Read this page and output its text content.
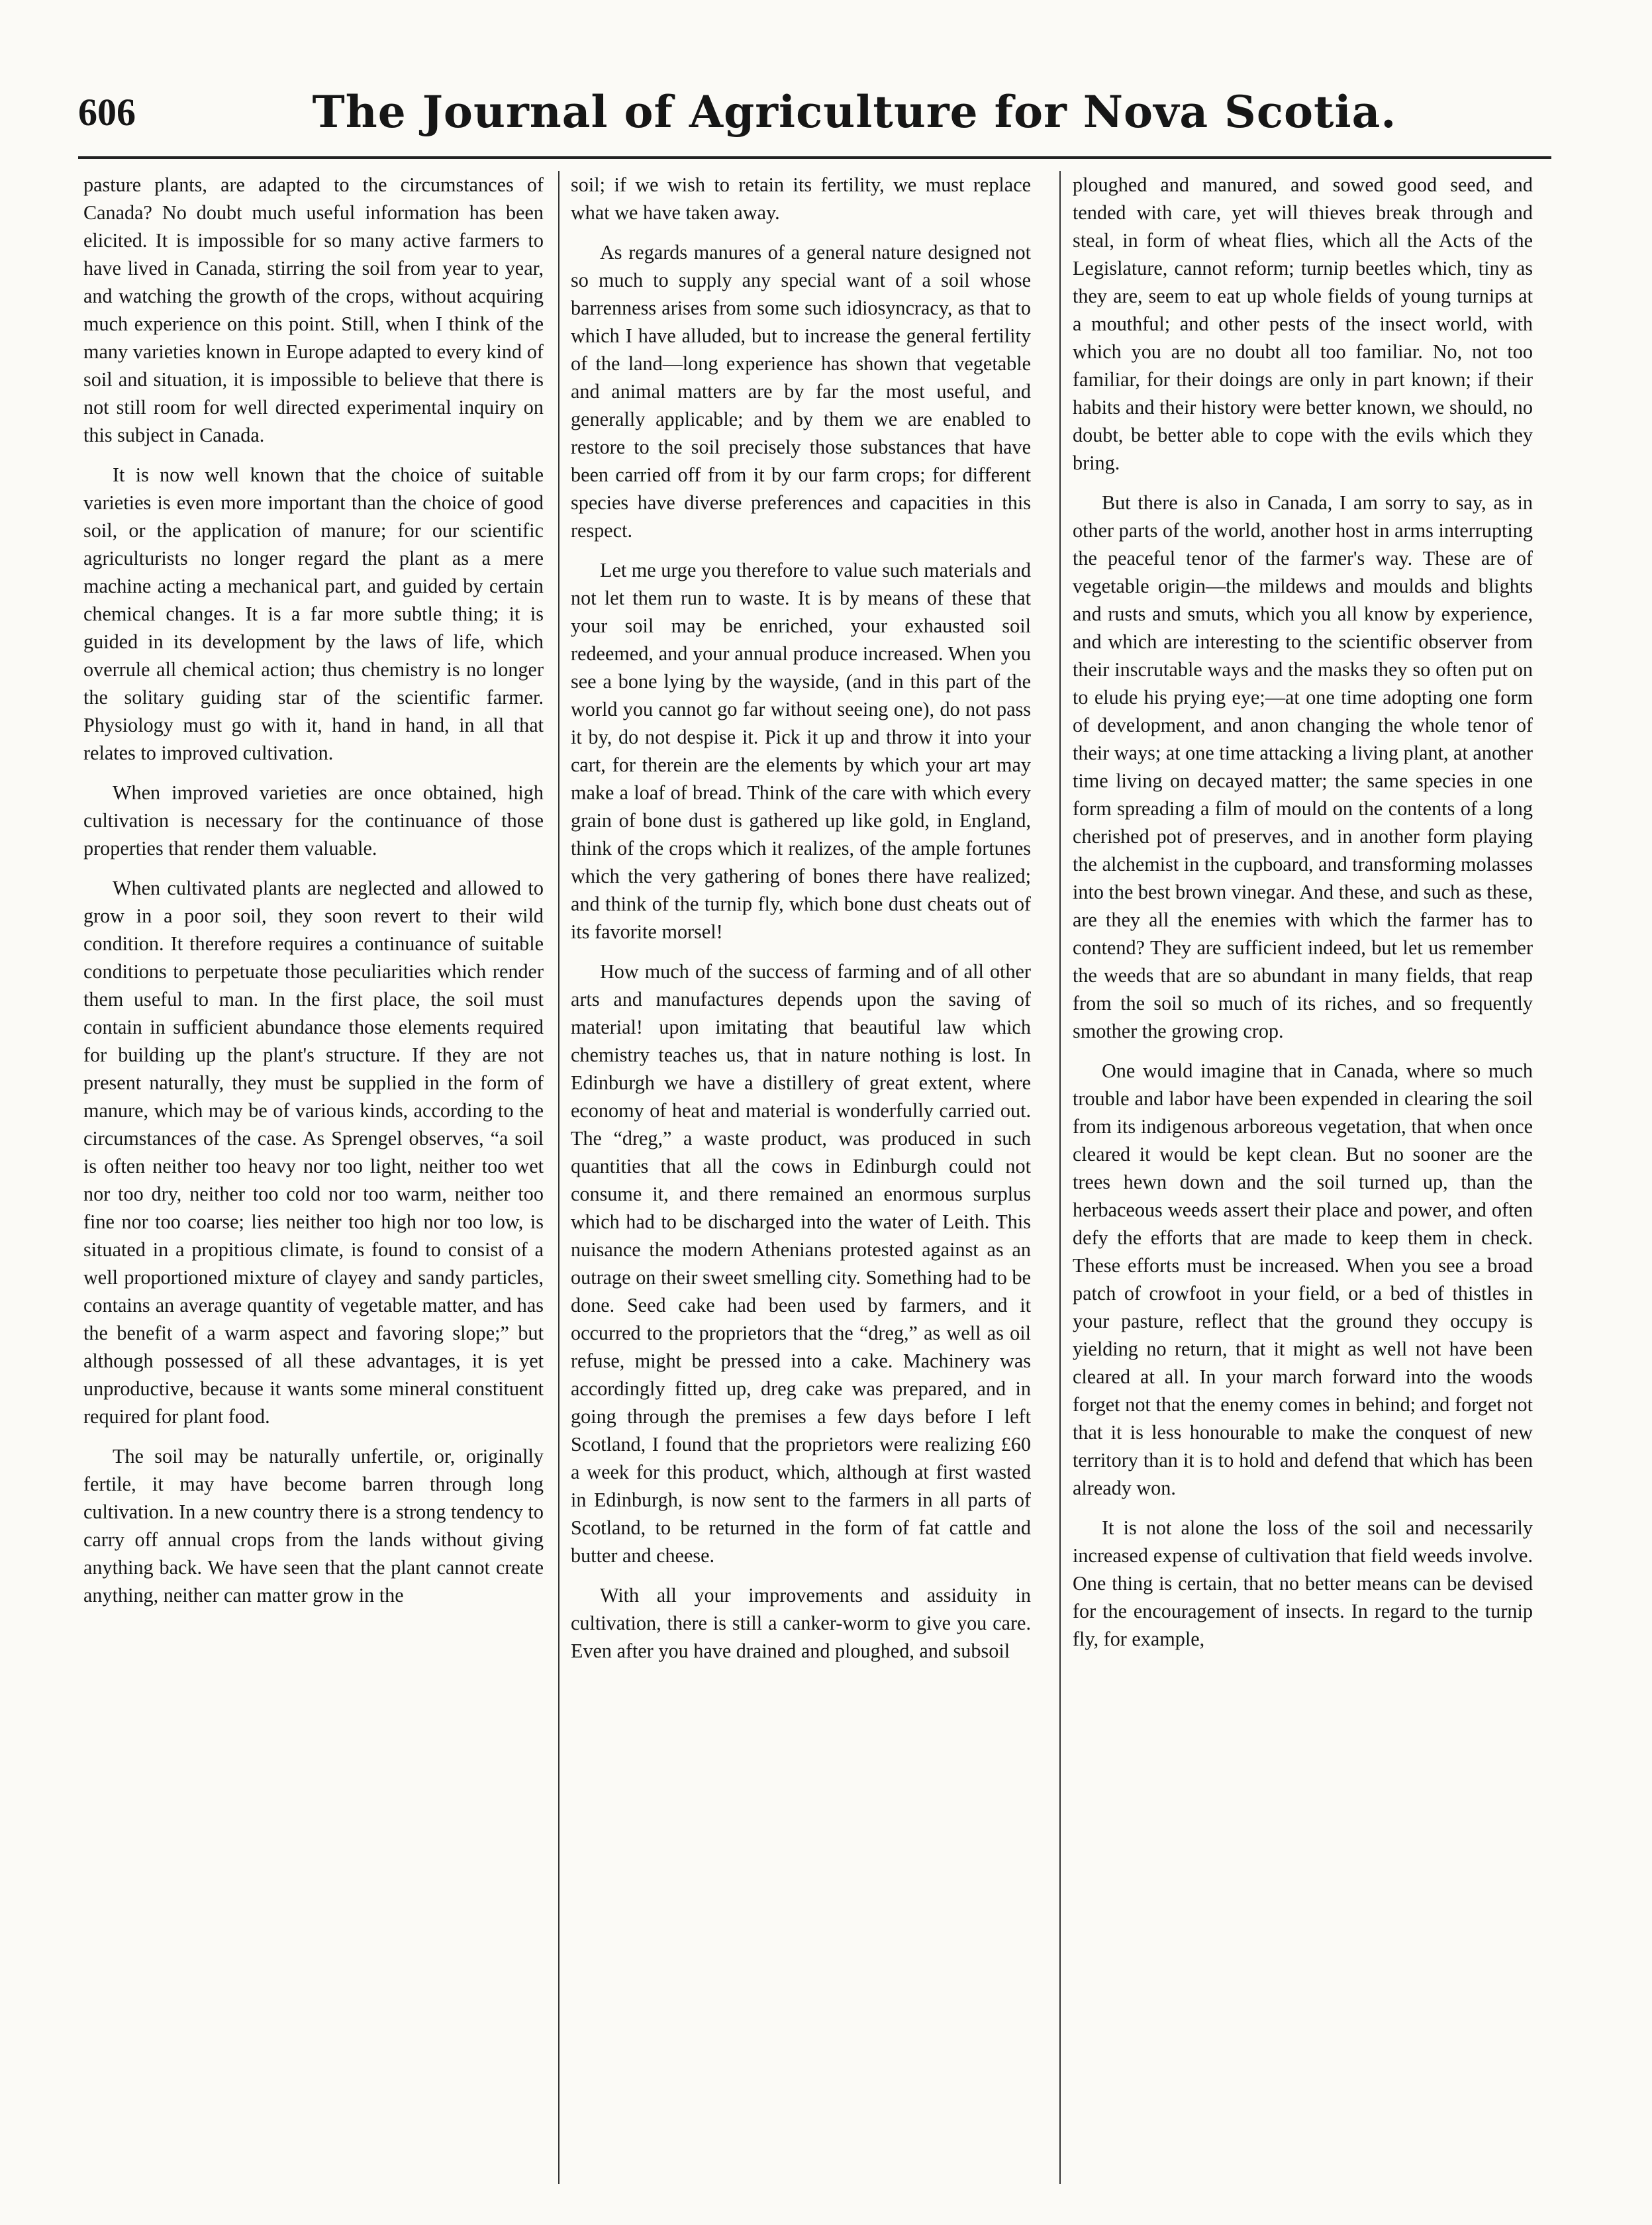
606	The Journal of Agriculture for Nova Scotia.

pasture plants, are adapted to the circumstances of Canada? No doubt much useful information has been elicited. It is impossible for so many active farmers to have lived in Canada, stirring the soil from year to year, and watching the growth of the crops, without acquiring much experience on this point. Still, when I think of the many varieties known in Europe adapted to every kind of soil and situation, it is impossible to believe that there is not still room for well directed experimental inquiry on this subject in Canada.

It is now well known that the choice of suitable varieties is even more important than the choice of good soil, or the application of manure; for our scientific agriculturists no longer regard the plant as a mere machine acting a mechanical part, and guided by certain chemical changes. It is a far more subtle thing; it is guided in its development by the laws of life, which overrule all chemical action; thus chemistry is no longer the solitary guiding star of the scientific farmer. Physiology must go with it, hand in hand, in all that relates to improved cultivation.

When improved varieties are once obtained, high cultivation is necessary for the continuance of those properties that render them valuable.

When cultivated plants are neglected and allowed to grow in a poor soil, they soon revert to their wild condition. It therefore requires a continuance of suitable conditions to perpetuate those peculiarities which render them useful to man. In the first place, the soil must contain in sufficient abundance those elements required for building up the plant's structure. If they are not present naturally, they must be supplied in the form of manure, which may be of various kinds, according to the circumstances of the case. As Sprengel observes, “a soil is often neither too heavy nor too light, neither too wet nor too dry, neither too cold nor too warm, neither too fine nor too coarse; lies neither too high nor too low, is situated in a propitious climate, is found to consist of a well proportioned mixture of clayey and sandy particles, contains an average quantity of vegetable matter, and has the benefit of a warm aspect and favoring slope;” but although possessed of all these advantages, it is yet unproductive, because it wants some mineral constituent required for plant food.

The soil may be naturally unfertile, or, originally fertile, it may have become barren through long cultivation. In a new country there is a strong tendency to carry off annual crops from the lands without giving anything back. We have seen that the plant cannot create anything, neither can matter grow in the

soil; if we wish to retain its fertility, we must replace what we have taken away.

As regards manures of a general nature designed not so much to supply any special want of a soil whose barrenness arises from some such idiosyncracy, as that to which I have alluded, but to increase the general fertility of the land—long experience has shown that vegetable and animal matters are by far the most useful, and generally applicable; and by them we are enabled to restore to the soil precisely those substances that have been carried off from it by our farm crops; for different species have diverse preferences and capacities in this respect.

Let me urge you therefore to value such materials and not let them run to waste. It is by means of these that your soil may be enriched, your exhausted soil redeemed, and your annual produce increased. When you see a bone lying by the wayside, (and in this part of the world you cannot go far without seeing one), do not pass it by, do not despise it. Pick it up and throw it into your cart, for therein are the elements by which your art may make a loaf of bread. Think of the care with which every grain of bone dust is gathered up like gold, in England, think of the crops which it realizes, of the ample fortunes which the very gathering of bones there have realized; and think of the turnip fly, which bone dust cheats out of its favorite morsel!

How much of the success of farming and of all other arts and manufactures depends upon the saving of material! upon imitating that beautiful law which chemistry teaches us, that in nature nothing is lost. In Edinburgh we have a distillery of great extent, where economy of heat and material is wonderfully carried out. The “dreg,” a waste product, was produced in such quantities that all the cows in Edinburgh could not consume it, and there remained an enormous surplus which had to be discharged into the water of Leith. This nuisance the modern Athenians protested against as an outrage on their sweet smelling city. Something had to be done. Seed cake had been used by farmers, and it occurred to the proprietors that the “dreg,” as well as oil refuse, might be pressed into a cake. Machinery was accordingly fitted up, dreg cake was prepared, and in going through the premises a few days before I left Scotland, I found that the proprietors were realizing £60 a week for this product, which, although at first wasted in Edinburgh, is now sent to the farmers in all parts of Scotland, to be returned in the form of fat cattle and butter and cheese.

With all your improvements and assiduity in cultivation, there is still a canker-worm to give you care. Even after you have drained and ploughed, and subsoil

ploughed and manured, and sowed good seed, and tended with care, yet will thieves break through and steal, in form of wheat flies, which all the Acts of the Legislature, cannot reform; turnip beetles which, tiny as they are, seem to eat up whole fields of young turnips at a mouthful; and other pests of the insect world, with which you are no doubt all too familiar. No, not too familiar, for their doings are only in part known; if their habits and their history were better known, we should, no doubt, be better able to cope with the evils which they bring.

But there is also in Canada, I am sorry to say, as in other parts of the world, another host in arms interrupting the peaceful tenor of the farmer's way. These are of vegetable origin—the mildews and moulds and blights and rusts and smuts, which you all know by experience, and which are interesting to the scientific observer from their inscrutable ways and the masks they so often put on to elude his prying eye;—at one time adopting one form of development, and anon changing the whole tenor of their ways; at one time attacking a living plant, at another time living on decayed matter; the same species in one form spreading a film of mould on the contents of a long cherished pot of preserves, and in another form playing the alchemist in the cupboard, and transforming molasses into the best brown vinegar. And these, and such as these, are they all the enemies with which the farmer has to contend? They are sufficient indeed, but let us remember the weeds that are so abundant in many fields, that reap from the soil so much of its riches, and so frequently smother the growing crop.

One would imagine that in Canada, where so much trouble and labor have been expended in clearing the soil from its indigenous arboreous vegetation, that when once cleared it would be kept clean. But no sooner are the trees hewn down and the soil turned up, than the herbaceous weeds assert their place and power, and often defy the efforts that are made to keep them in check. These efforts must be increased. When you see a broad patch of crowfoot in your field, or a bed of thistles in your pasture, reflect that the ground they occupy is yielding no return, that it might as well not have been cleared at all. In your march forward into the woods forget not that the enemy comes in behind; and forget not that it is less honourable to make the conquest of new territory than it is to hold and defend that which has been already won.

It is not alone the loss of the soil and necessarily increased expense of cultivation that field weeds involve. One thing is certain, that no better means can be devised for the encouragement of insects. In regard to the turnip fly, for example,
